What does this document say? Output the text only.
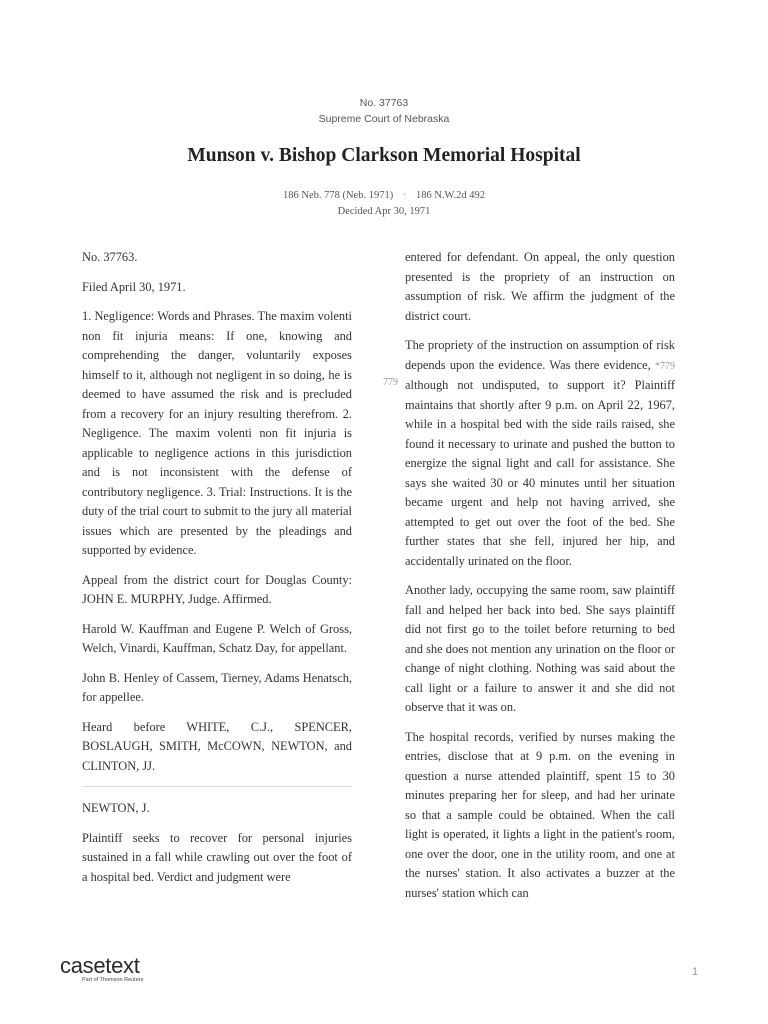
No. 37763
Supreme Court of Nebraska
Munson v. Bishop Clarkson Memorial Hospital
186 Neb. 778 (Neb. 1971) · 186 N.W.2d 492
Decided Apr 30, 1971

No. 37763.

Filed April 30, 1971.

1. Negligence: Words and Phrases. The maxim volenti non fit injuria means: If one, knowing and comprehending the danger, voluntarily exposes himself to it, although not negligent in so doing, he is deemed to have assumed the risk and is precluded from a recovery for an injury resulting therefrom. 2. Negligence. The maxim volenti non fit injuria is applicable to negligence actions in this jurisdiction and is not inconsistent with the defense of contributory negligence. 3. Trial: Instructions. It is the duty of the trial court to submit to the jury all material issues which are presented by the pleadings and supported by evidence.

Appeal from the district court for Douglas County: JOHN E. MURPHY, Judge. Affirmed.

Harold W. Kauffman and Eugene P. Welch of Gross, Welch, Vinardi, Kauffman, Schatz Day, for appellant.

John B. Henley of Cassem, Tierney, Adams Henatsch, for appellee.

Heard before WHITE, C.J., SPENCER, BOSLAUGH, SMITH, McCOWN, NEWTON, and CLINTON, JJ.

NEWTON, J.

Plaintiff seeks to recover for personal injuries sustained in a fall while crawling out over the foot of a hospital bed. Verdict and judgment were

779

entered for defendant. On appeal, the only question presented is the propriety of an instruction on assumption of risk. We affirm the judgment of the district court.

The propriety of the instruction on assumption of risk depends upon the evidence. Was there evidence, *779 although not undisputed, to support it? Plaintiff maintains that shortly after 9 p.m. on April 22, 1967, while in a hospital bed with the side rails raised, she found it necessary to urinate and pushed the button to energize the signal light and call for assistance. She says she waited 30 or 40 minutes until her situation became urgent and help not having arrived, she attempted to get out over the foot of the bed. She further states that she fell, injured her hip, and accidentally urinated on the floor.

Another lady, occupying the same room, saw plaintiff fall and helped her back into bed. She says plaintiff did not first go to the toilet before returning to bed and she does not mention any urination on the floor or change of night clothing. Nothing was said about the call light or a failure to answer it and she did not observe that it was on.

The hospital records, verified by nurses making the entries, disclose that at 9 p.m. on the evening in question a nurse attended plaintiff, spent 15 to 30 minutes preparing her for sleep, and had her urinate so that a sample could be obtained. When the call light is operated, it lights a light in the patient's room, one over the door, one in the utility room, and one at the nurses' station. It also activates a buzzer at the nurses' station which can

casetext
Part of Thomson Reuters
1
